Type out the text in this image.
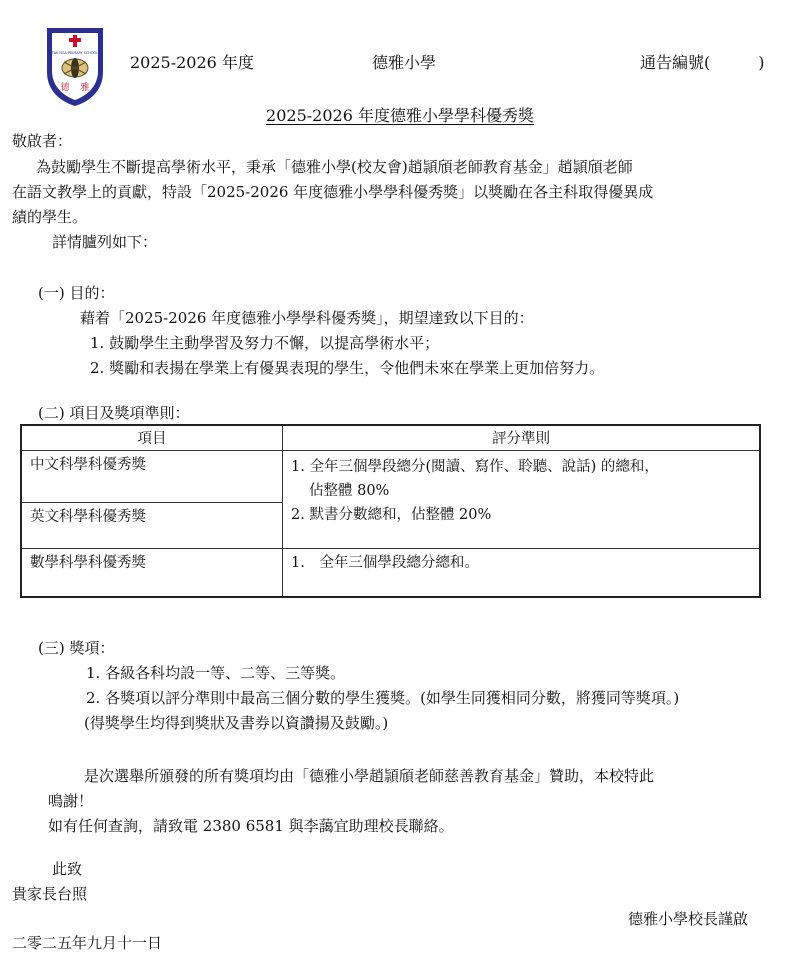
TAK NGA PRIMARY SCHOOL
德 雅
2025-2026 年度	德雅小學	通告編號(　　　)
2025-2026 年度德雅小學學科優秀獎
敬啟者：
為鼓勵學生不斷提高學術水平，秉承「德雅小學(校友會)趙頴頎老師教育基金」趙頴頎老師
在語文教學上的貢獻，特設「2025-2026 年度德雅小學學科優秀獎」以獎勵在各主科取得優異成
績的學生。
詳情臚列如下：
(一) 目的：
藉着「2025-2026 年度德雅小學學科優秀獎」，期望達致以下目的：
1. 鼓勵學生主動學習及努力不懈，以提高學術水平；
2. 獎勵和表揚在學業上有優異表現的學生，令他們未來在學業上更加倍努力。
(二) 項目及獎項準則：
項目	評分準則
中文科學科優秀獎	1. 全年三個學段總分(閱讀、寫作、聆聽、說話) 的總和，
佔整體 80%
2. 默書分數總和，佔整體 20%

英文科學科優秀獎	
數學科學科優秀獎	1.　全年三個學段總分總和。
(三) 獎項：
1. 各級各科均設一等、二等、三等獎。
2. 各獎項以評分準則中最高三個分數的學生獲獎。(如學生同獲相同分數，將獲同等獎項。)
(得獎學生均得到獎狀及書券以資讚揚及鼓勵。)
是次選舉所頒發的所有獎項均由「德雅小學趙頴頎老師慈善教育基金」贊助，本校特此
鳴謝！
如有任何查詢，請致電 2380 6581 與李藹宜助理校長聯絡。
此致
貴家長台照
德雅小學校長謹啟
二零二五年九月十一日
